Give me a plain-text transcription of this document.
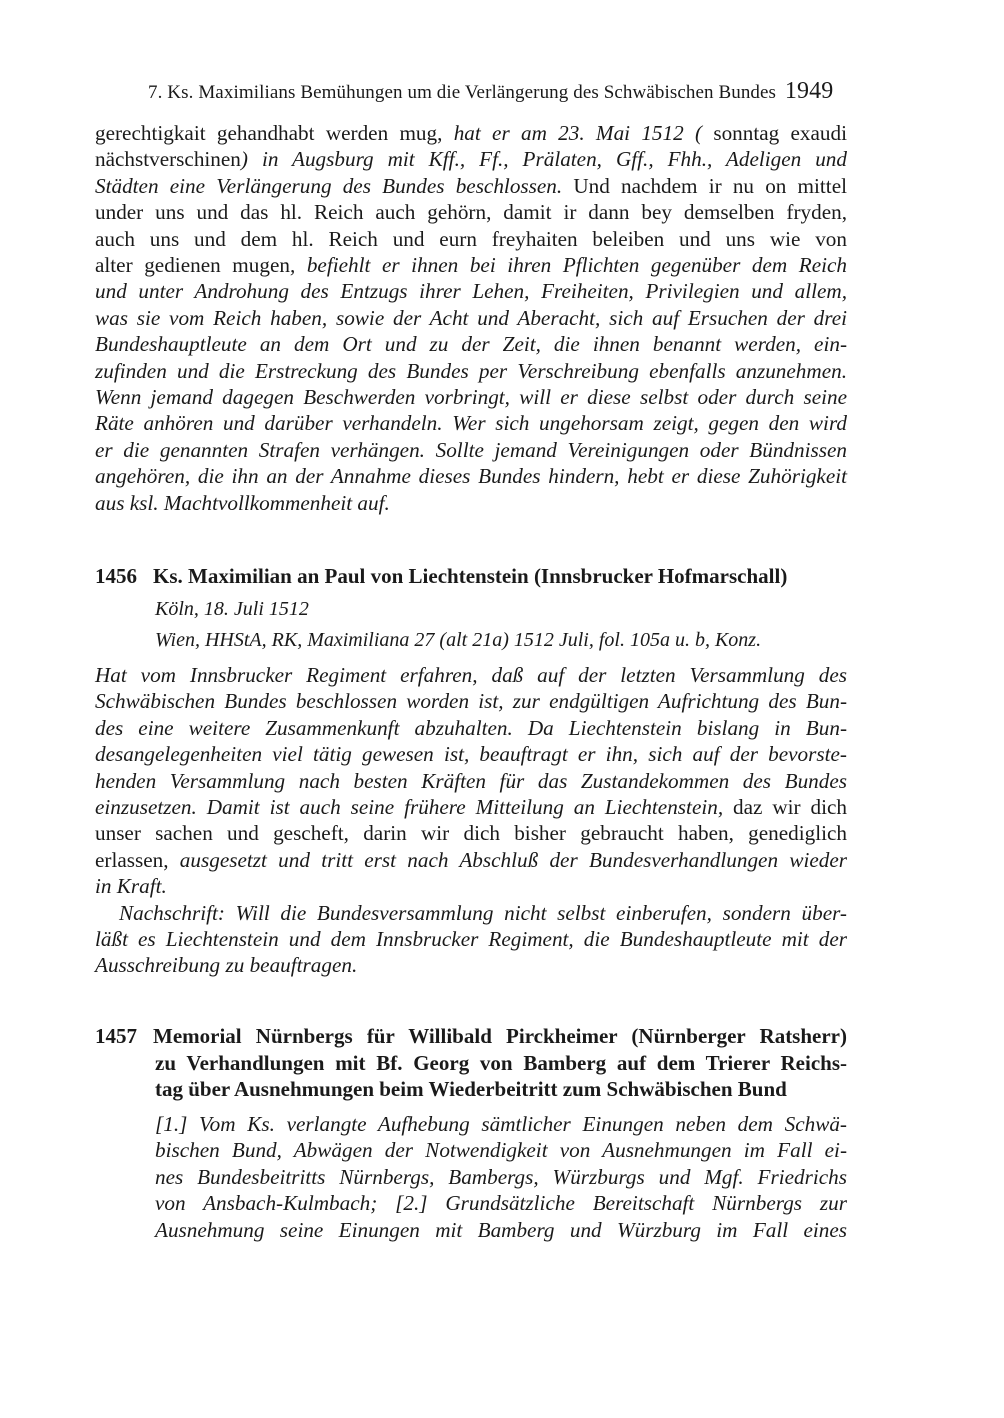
7. Ks. Maximilians Bemühungen um die Verlängerung des Schwäbischen Bundes 1949
gerechtigkait gehandhabt werden mug, hat er am 23. Mai 1512 ( sonntag exaudi
nächstverschinen) in Augsburg mit Kff., Ff., Prälaten, Gff., Fhh., Adeligen und
Städten eine Verlängerung des Bundes beschlossen. Und nachdem ir nu on mittel
under uns und das hl. Reich auch gehörn, damit ir dann bey demselben fryden,
auch uns und dem hl. Reich und eurn freyhaiten beleiben und uns wie von
alter gedienen mugen, befiehlt er ihnen bei ihren Pflichten gegenüber dem Reich
und unter Androhung des Entzugs ihrer Lehen, Freiheiten, Privilegien und allem,
was sie vom Reich haben, sowie der Acht und Aberacht, sich auf Ersuchen der drei
Bundeshauptleute an dem Ort und zu der Zeit, die ihnen benannt werden, ein-
zufinden und die Erstreckung des Bundes per Verschreibung ebenfalls anzunehmen.
Wenn jemand dagegen Beschwerden vorbringt, will er diese selbst oder durch seine
Räte anhören und darüber verhandeln. Wer sich ungehorsam zeigt, gegen den wird
er die genannten Strafen verhängen. Sollte jemand Vereinigungen oder Bündnissen
angehören, die ihn an der Annahme dieses Bundes hindern, hebt er diese Zuhörigkeit
aus ksl. Machtvollkommenheit auf.
1456 Ks. Maximilian an Paul von Liechtenstein (Innsbrucker Hofmarschall)
Köln, 18. Juli 1512
Wien, HHStA, RK, Maximiliana 27 (alt 21a) 1512 Juli, fol. 105a u. b, Konz.
Hat vom Innsbrucker Regiment erfahren, daß auf der letzten Versammlung des
Schwäbischen Bundes beschlossen worden ist, zur endgültigen Aufrichtung des Bun-
des eine weitere Zusammenkunft abzuhalten. Da Liechtenstein bislang in Bun-
desangelegenheiten viel tätig gewesen ist, beauftragt er ihn, sich auf der bevorste-
henden Versammlung nach besten Kräften für das Zustandekommen des Bundes
einzusetzen. Damit ist auch seine frühere Mitteilung an Liechtenstein, daz wir dich
unser sachen und gescheft, darin wir dich bisher gebraucht haben, genediglich
erlassen, ausgesetzt und tritt erst nach Abschluß der Bundesverhandlungen wieder
in Kraft.
Nachschrift: Will die Bundesversammlung nicht selbst einberufen, sondern über-
läßt es Liechtenstein und dem Innsbrucker Regiment, die Bundeshauptleute mit der
Ausschreibung zu beauftragen.
1457 Memorial Nürnbergs für Willibald Pirckheimer (Nürnberger Ratsherr)
zu Verhandlungen mit Bf. Georg von Bamberg auf dem Trierer Reichs-
tag über Ausnehmungen beim Wiederbeitritt zum Schwäbischen Bund
[1.] Vom Ks. verlangte Aufhebung sämtlicher Einungen neben dem Schwä-
bischen Bund, Abwägen der Notwendigkeit von Ausnehmungen im Fall ei-
nes Bundesbeitritts Nürnbergs, Bambergs, Würzburgs und Mgf. Friedrichs
von Ansbach-Kulmbach; [2.] Grundsätzliche Bereitschaft Nürnbergs zur
Ausnehmung seine Einungen mit Bamberg und Würzburg im Fall eines
